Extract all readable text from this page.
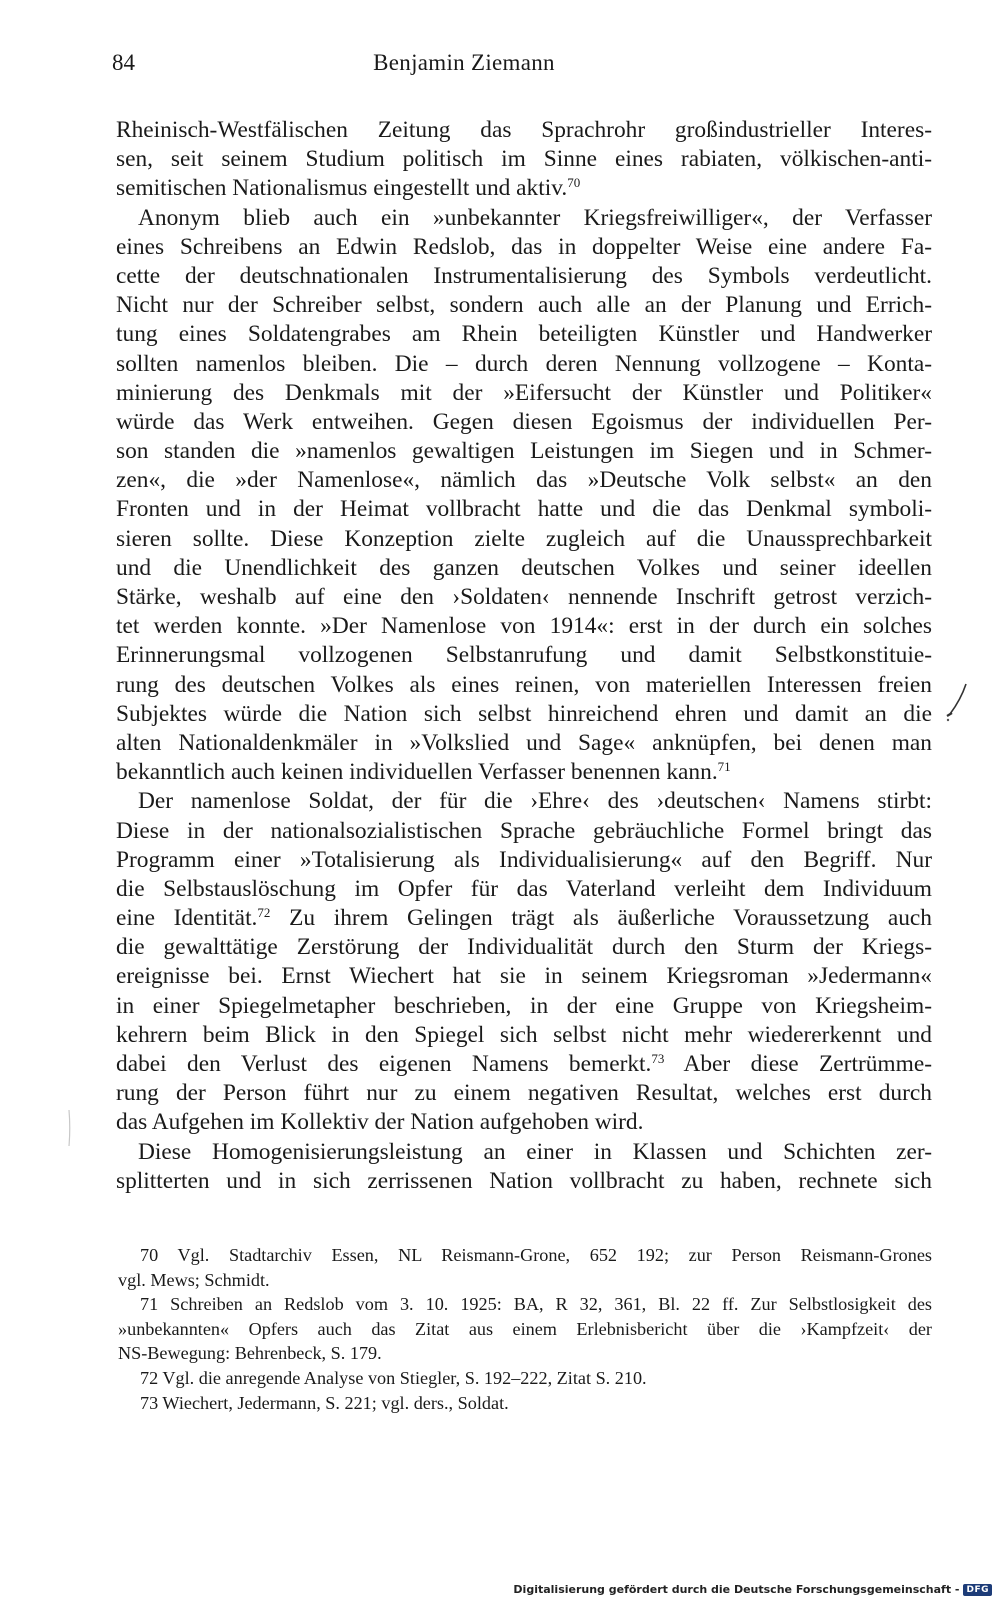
84	Benjamin Ziemann
Rheinisch-Westfälischen Zeitung das Sprachrohr großindustrieller Interes-
sen, seit seinem Studium politisch im Sinne eines rabiaten, völkischen-anti-
semitischen Nationalismus eingestellt und aktiv.$^{70}$
Anonym blieb auch ein »unbekannter Kriegsfreiwilliger«, der Verfasser
eines Schreibens an Edwin Redslob, das in doppelter Weise eine andere Fa-
cette der deutschnationalen Instrumentalisierung des Symbols verdeutlicht.
Nicht nur der Schreiber selbst, sondern auch alle an der Planung und Errich-
tung eines Soldatengrabes am Rhein beteiligten Künstler und Handwerker
sollten namenlos bleiben. Die – durch deren Nennung vollzogene – Konta-
minierung des Denkmals mit der »Eifersucht der Künstler und Politiker«
würde das Werk entweihen. Gegen diesen Egoismus der individuellen Per-
son standen die »namenlos gewaltigen Leistungen im Siegen und in Schmer-
zen«, die »der Namenlose«, nämlich das »Deutsche Volk selbst« an den
Fronten und in der Heimat vollbracht hatte und die das Denkmal symboli-
sieren sollte. Diese Konzeption zielte zugleich auf die Unaussprechbarkeit
und die Unendlichkeit des ganzen deutschen Volkes und seiner ideellen
Stärke, weshalb auf eine den ›Soldaten‹ nennende Inschrift getrost verzich-
tet werden konnte. »Der Namenlose von 1914«: erst in der durch ein solches
Erinnerungsmal vollzogenen Selbstanrufung und damit Selbstkonstituie-
rung des deutschen Volkes als eines reinen, von materiellen Interessen freien
Subjektes würde die Nation sich selbst hinreichend ehren und damit an die
alten Nationaldenkmäler in »Volkslied und Sage« anknüpfen, bei denen man
bekanntlich auch keinen individuellen Verfasser benennen kann.$^{71}$
Der namenlose Soldat, der für die ›Ehre‹ des ›deutschen‹ Namens stirbt:
Diese in der nationalsozialistischen Sprache gebräuchliche Formel bringt das
Programm einer »Totalisierung als Individualisierung« auf den Begriff. Nur
die Selbstauslöschung im Opfer für das Vaterland verleiht dem Individuum
eine Identität.$^{72}$ Zu ihrem Gelingen trägt als äußerliche Voraussetzung auch
die gewalttätige Zerstörung der Individualität durch den Sturm der Kriegs-
ereignisse bei. Ernst Wiechert hat sie in seinem Kriegsroman »Jedermann«
in einer Spiegelmetapher beschrieben, in der eine Gruppe von Kriegsheim-
kehrern beim Blick in den Spiegel sich selbst nicht mehr wiedererkennt und
dabei den Verlust des eigenen Namens bemerkt.$^{73}$ Aber diese Zertrümme-
rung der Person führt nur zu einem negativen Resultat, welches erst durch
das Aufgehen im Kollektiv der Nation aufgehoben wird.
Diese Homogenisierungsleistung an einer in Klassen und Schichten zer-
splitterten und in sich zerrissenen Nation vollbracht zu haben, rechnete sich
70 Vgl. Stadtarchiv Essen, NL Reismann-Grone, 652 192; zur Person Reismann-Grones
vgl. Mews; Schmidt.
71 Schreiben an Redslob vom 3. 10. 1925: BA, R 32, 361, Bl. 22 ff. Zur Selbstlosigkeit des
»unbekannten« Opfers auch das Zitat aus einem Erlebnisbericht über die ›Kampfzeit‹ der
NS-Bewegung: Behrenbeck, S. 179.
72 Vgl. die anregende Analyse von Stiegler, S. 192–222, Zitat S. 210.
73 Wiechert, Jedermann, S. 221; vgl. ders., Soldat.
Digitalisierung gefördert durch die Deutsche Forschungsgemeinschaft - DFG
